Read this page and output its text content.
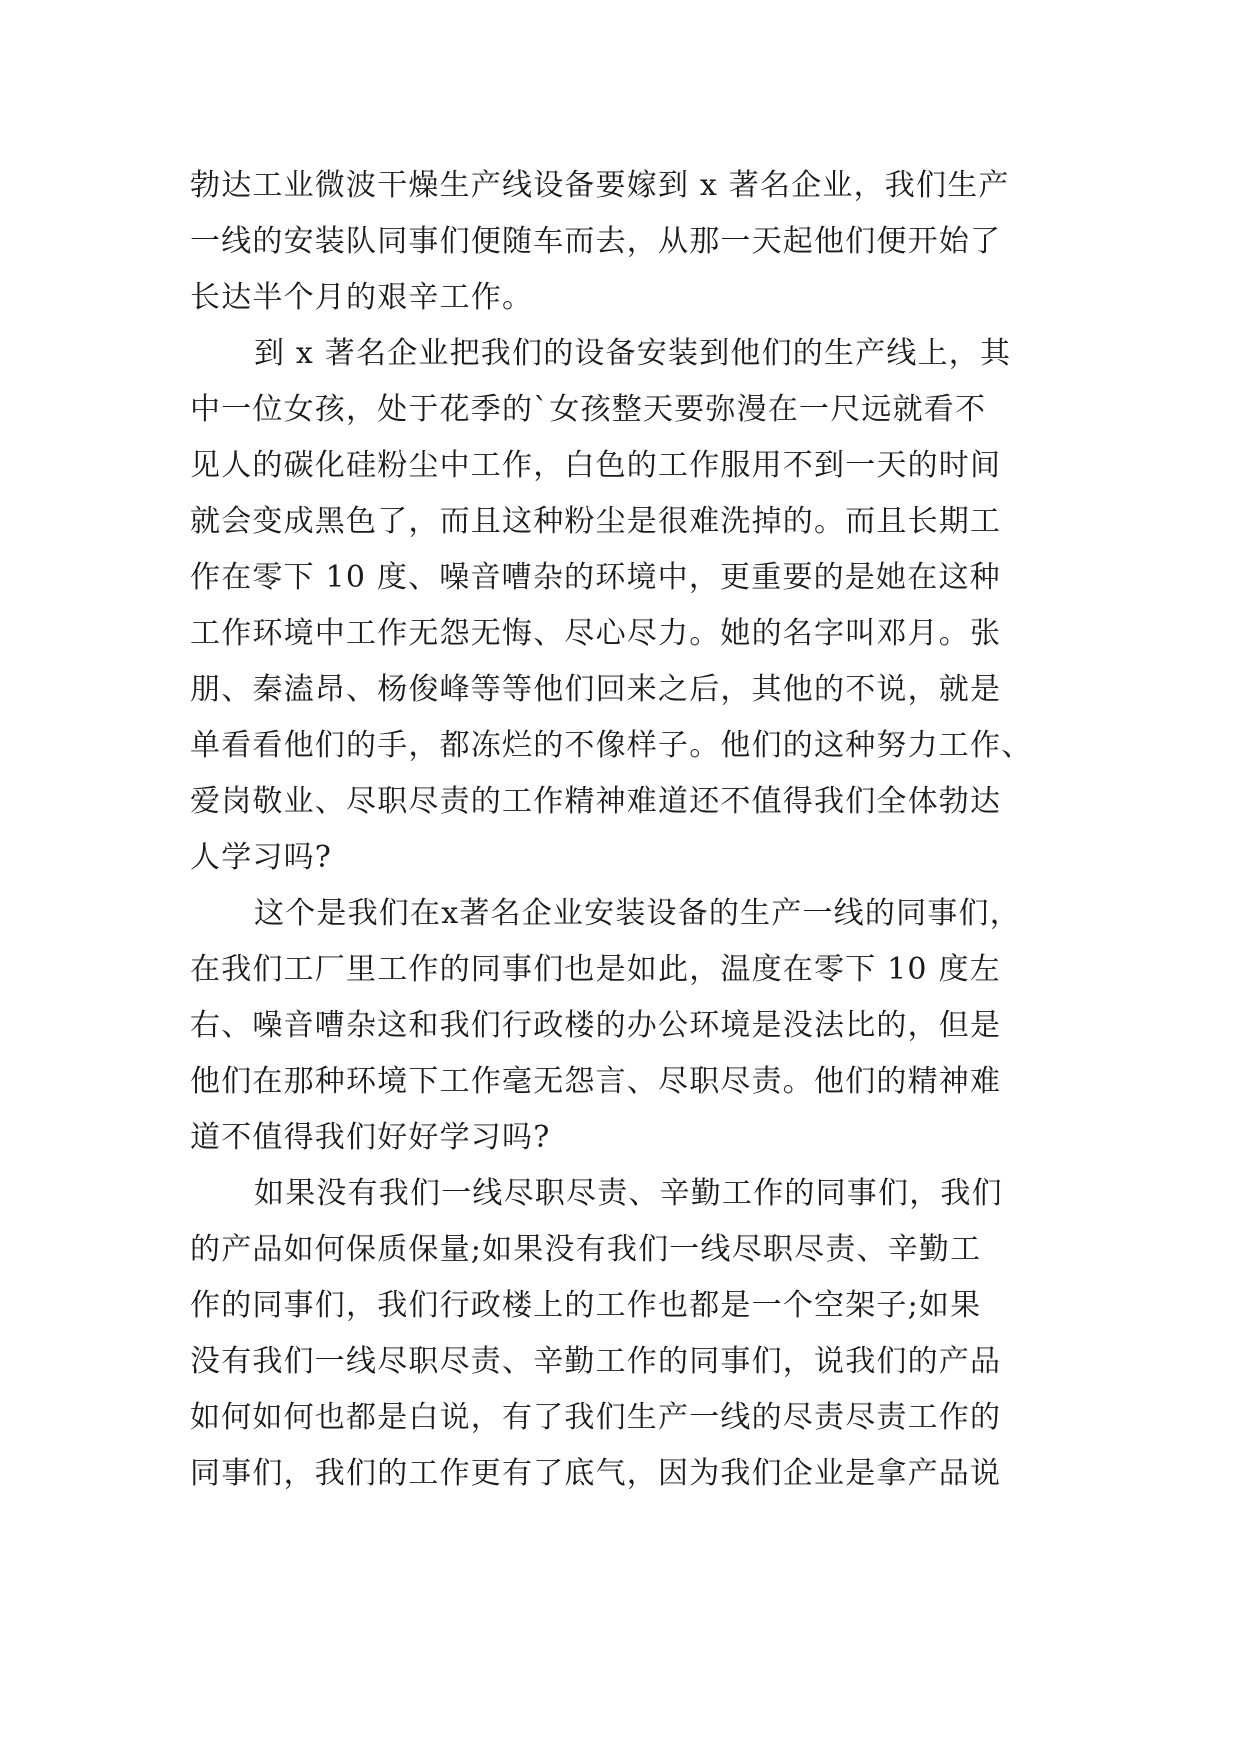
勃达工业微波干燥生产线设备要嫁到 x 著名企业，我们生产
一线的安装队同事们便随车而去，从那一天起他们便开始了
长达半个月的艰辛工作。
到 x 著名企业把我们的设备安装到他们的生产线上，其
中一位女孩，处于花季的`女孩整天要弥漫在一尺远就看不
见人的碳化硅粉尘中工作，白色的工作服用不到一天的时间
就会变成黑色了，而且这种粉尘是很难洗掉的。而且长期工
作在零下 10 度、噪音嘈杂的环境中，更重要的是她在这种
工作环境中工作无怨无悔、尽心尽力。她的名字叫邓月。张
朋、秦溘昂、杨俊峰等等他们回来之后，其他的不说，就是
单看看他们的手，都冻烂的不像样子。他们的这种努力工作、
爱岗敬业、尽职尽责的工作精神难道还不值得我们全体勃达
人学习吗?
这个是我们在x著名企业安装设备的生产一线的同事们，
在我们工厂里工作的同事们也是如此，温度在零下 10 度左
右、噪音嘈杂这和我们行政楼的办公环境是没法比的，但是
他们在那种环境下工作毫无怨言、尽职尽责。他们的精神难
道不值得我们好好学习吗?
如果没有我们一线尽职尽责、辛勤工作的同事们，我们
的产品如何保质保量;如果没有我们一线尽职尽责、辛勤工
作的同事们，我们行政楼上的工作也都是一个空架子;如果
没有我们一线尽职尽责、辛勤工作的同事们，说我们的产品
如何如何也都是白说，有了我们生产一线的尽责尽责工作的
同事们，我们的工作更有了底气，因为我们企业是拿产品说
